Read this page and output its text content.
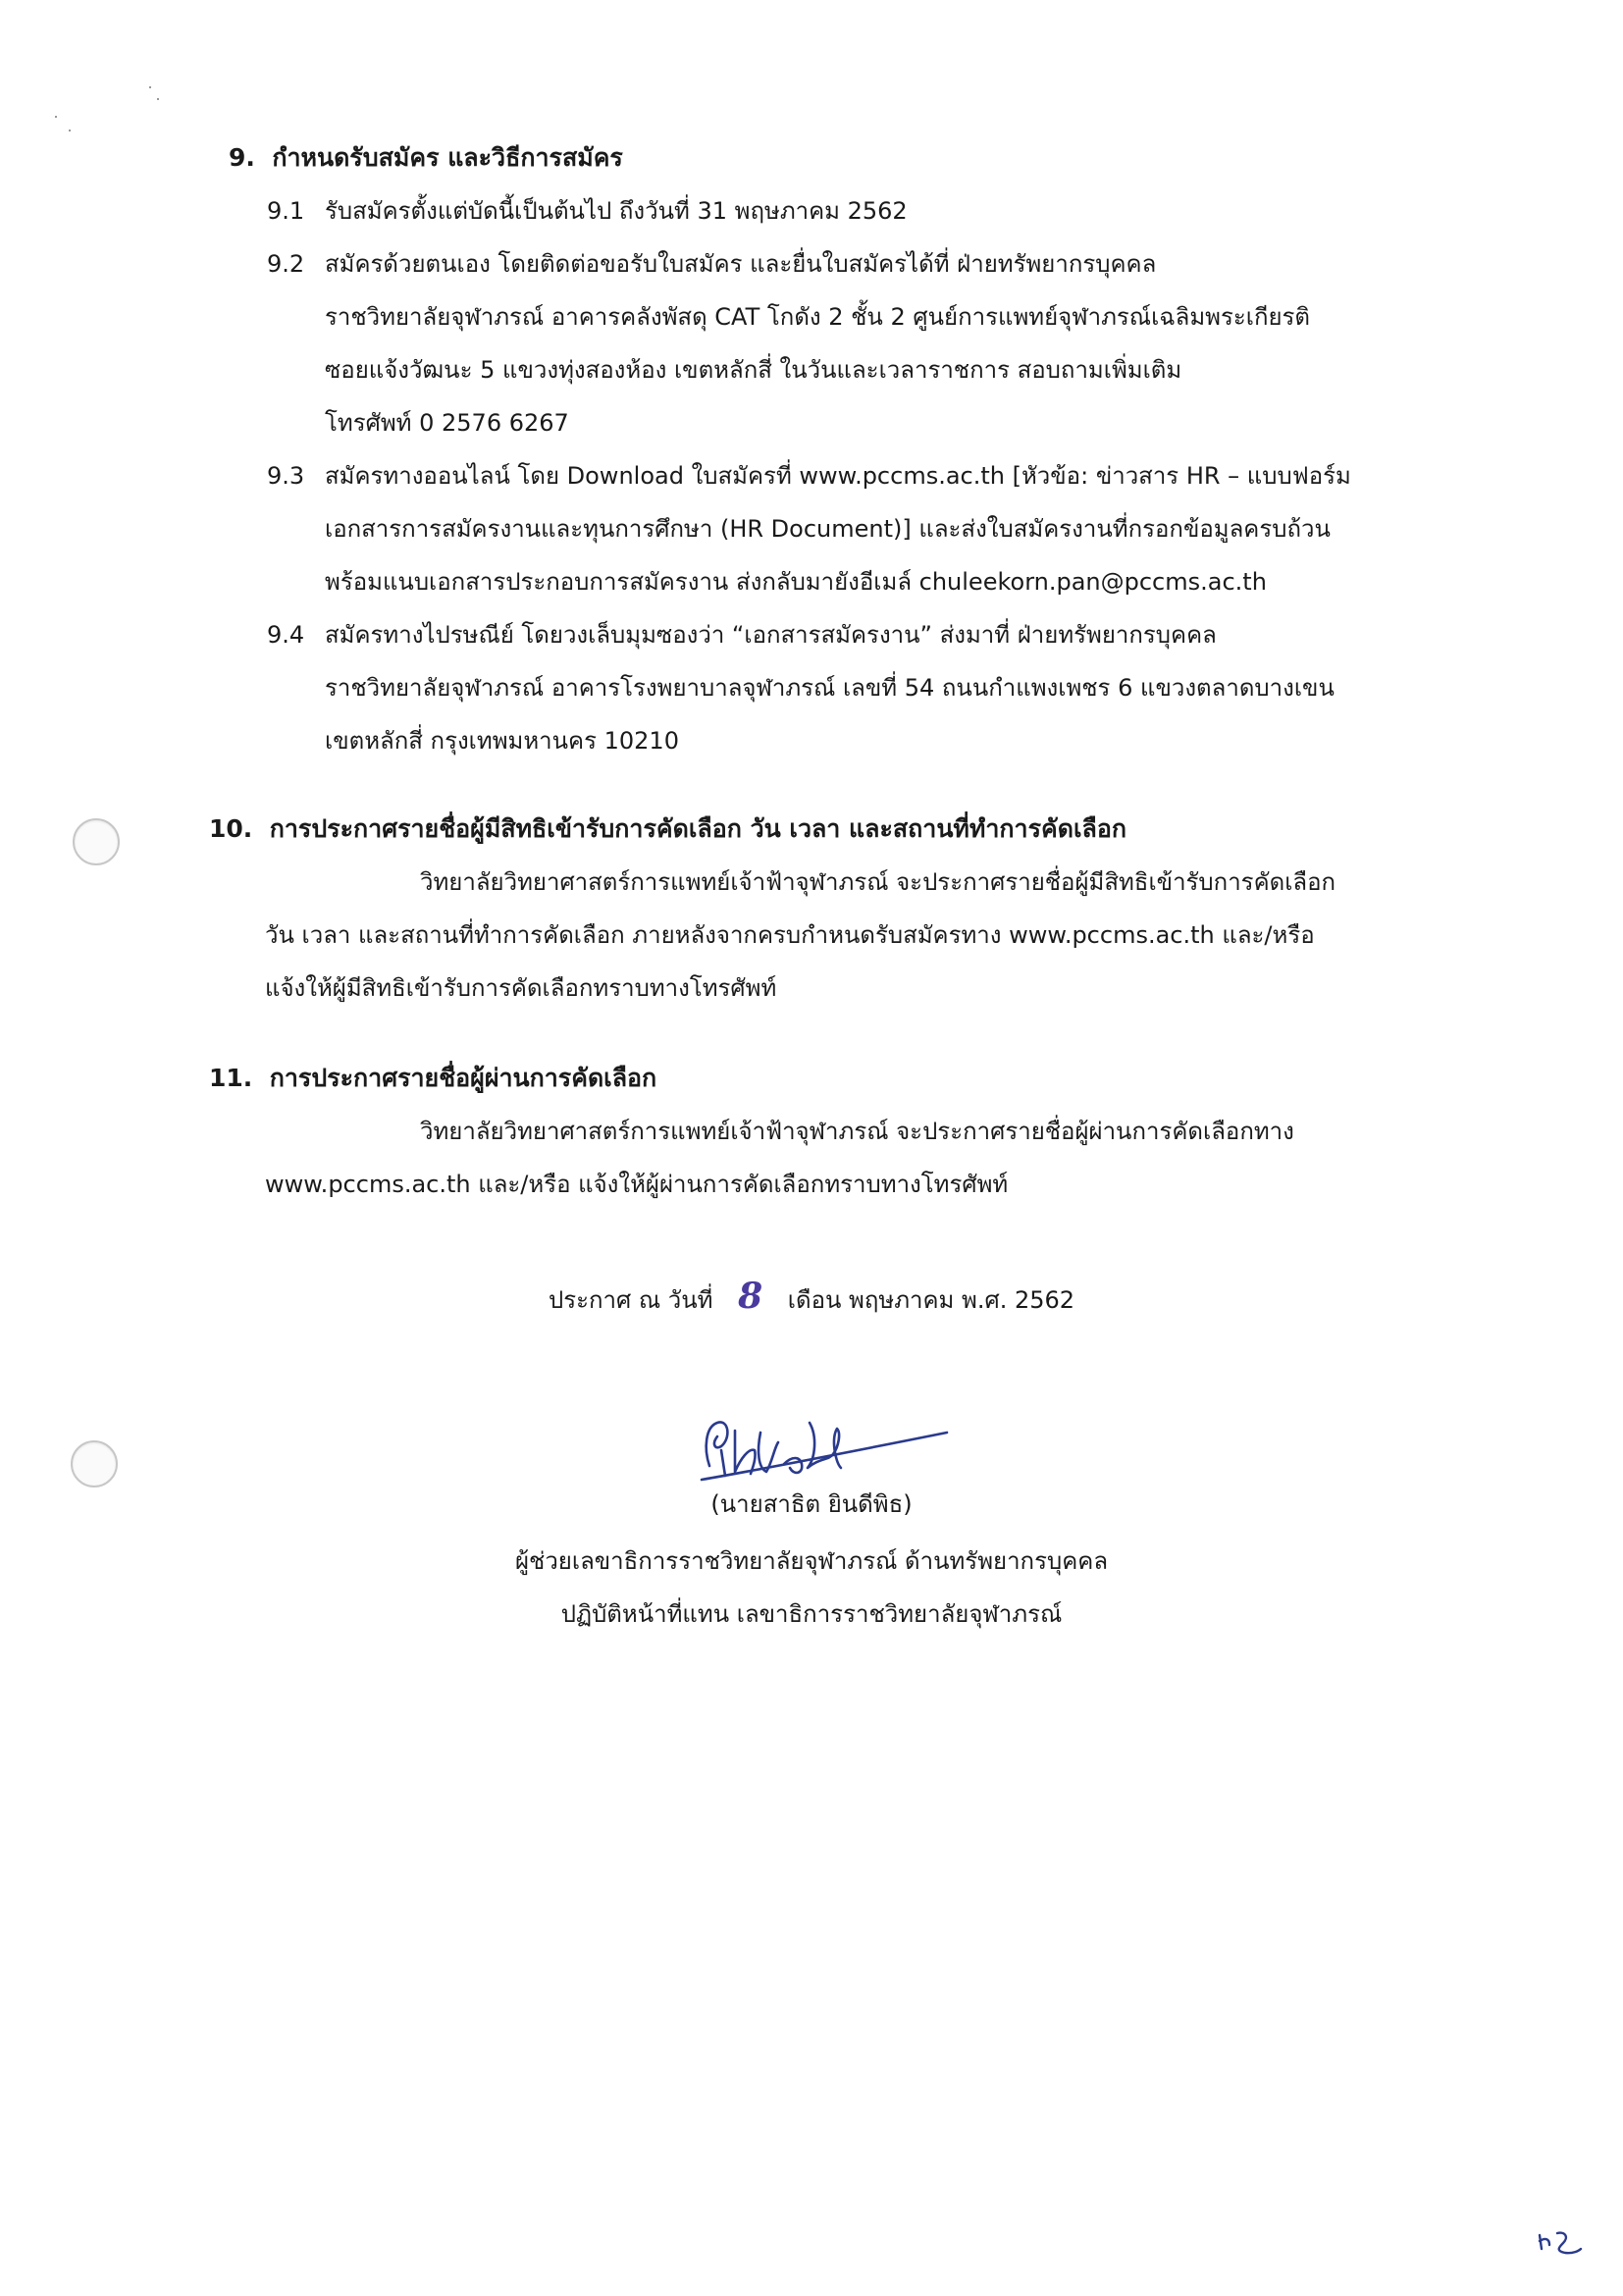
9. กำหนดรับสมัคร และวิธีการสมัคร
9.1 รับสมัครตั้งแต่บัดนี้เป็นต้นไป ถึงวันที่ 31 พฤษภาคม 2562
9.2 สมัครด้วยตนเอง โดยติดต่อขอรับใบสมัคร และยื่นใบสมัครได้ที่ ฝ่ายทรัพยากรบุคคล
ราชวิทยาลัยจุฬาภรณ์ อาคารคลังพัสดุ CAT โกดัง 2 ชั้น 2 ศูนย์การแพทย์จุฬาภรณ์เฉลิมพระเกียรติ
ซอยแจ้งวัฒนะ 5 แขวงทุ่งสองห้อง เขตหลักสี่ ในวันและเวลาราชการ สอบถามเพิ่มเติม
โทรศัพท์ 0 2576 6267
9.3 สมัครทางออนไลน์ โดย Download ใบสมัครที่ www.pccms.ac.th [หัวข้อ: ข่าวสาร HR – แบบฟอร์ม
เอกสารการสมัครงานและทุนการศึกษา (HR Document)] และส่งใบสมัครงานที่กรอกข้อมูลครบถ้วน
พร้อมแนบเอกสารประกอบการสมัครงาน ส่งกลับมายังอีเมล์ chuleekorn.pan@pccms.ac.th
9.4 สมัครทางไปรษณีย์ โดยวงเล็บมุมซองว่า “เอกสารสมัครงาน” ส่งมาที่ ฝ่ายทรัพยากรบุคคล
ราชวิทยาลัยจุฬาภรณ์ อาคารโรงพยาบาลจุฬาภรณ์ เลขที่ 54 ถนนกำแพงเพชร 6 แขวงตลาดบางเขน
เขตหลักสี่ กรุงเทพมหานคร 10210
10. การประกาศรายชื่อผู้มีสิทธิเข้ารับการคัดเลือก วัน เวลา และสถานที่ทำการคัดเลือก
วิทยาลัยวิทยาศาสตร์การแพทย์เจ้าฟ้าจุฬาภรณ์ จะประกาศรายชื่อผู้มีสิทธิเข้ารับการคัดเลือก
วัน เวลา และสถานที่ทำการคัดเลือก ภายหลังจากครบกำหนดรับสมัครทาง www.pccms.ac.th และ/หรือ
แจ้งให้ผู้มีสิทธิเข้ารับการคัดเลือกทราบทางโทรศัพท์
11. การประกาศรายชื่อผู้ผ่านการคัดเลือก
วิทยาลัยวิทยาศาสตร์การแพทย์เจ้าฟ้าจุฬาภรณ์ จะประกาศรายชื่อผู้ผ่านการคัดเลือกทาง
www.pccms.ac.th และ/หรือ แจ้งให้ผู้ผ่านการคัดเลือกทราบทางโทรศัพท์
ประกาศ ณ วันที่ 8 เดือน พฤษภาคม พ.ศ. 2562
(นายสาธิต ยินดีพิธ)
ผู้ช่วยเลขาธิการราชวิทยาลัยจุฬาภรณ์ ด้านทรัพยากรบุคคล
ปฏิบัติหน้าที่แทน เลขาธิการราชวิทยาลัยจุฬาภรณ์
